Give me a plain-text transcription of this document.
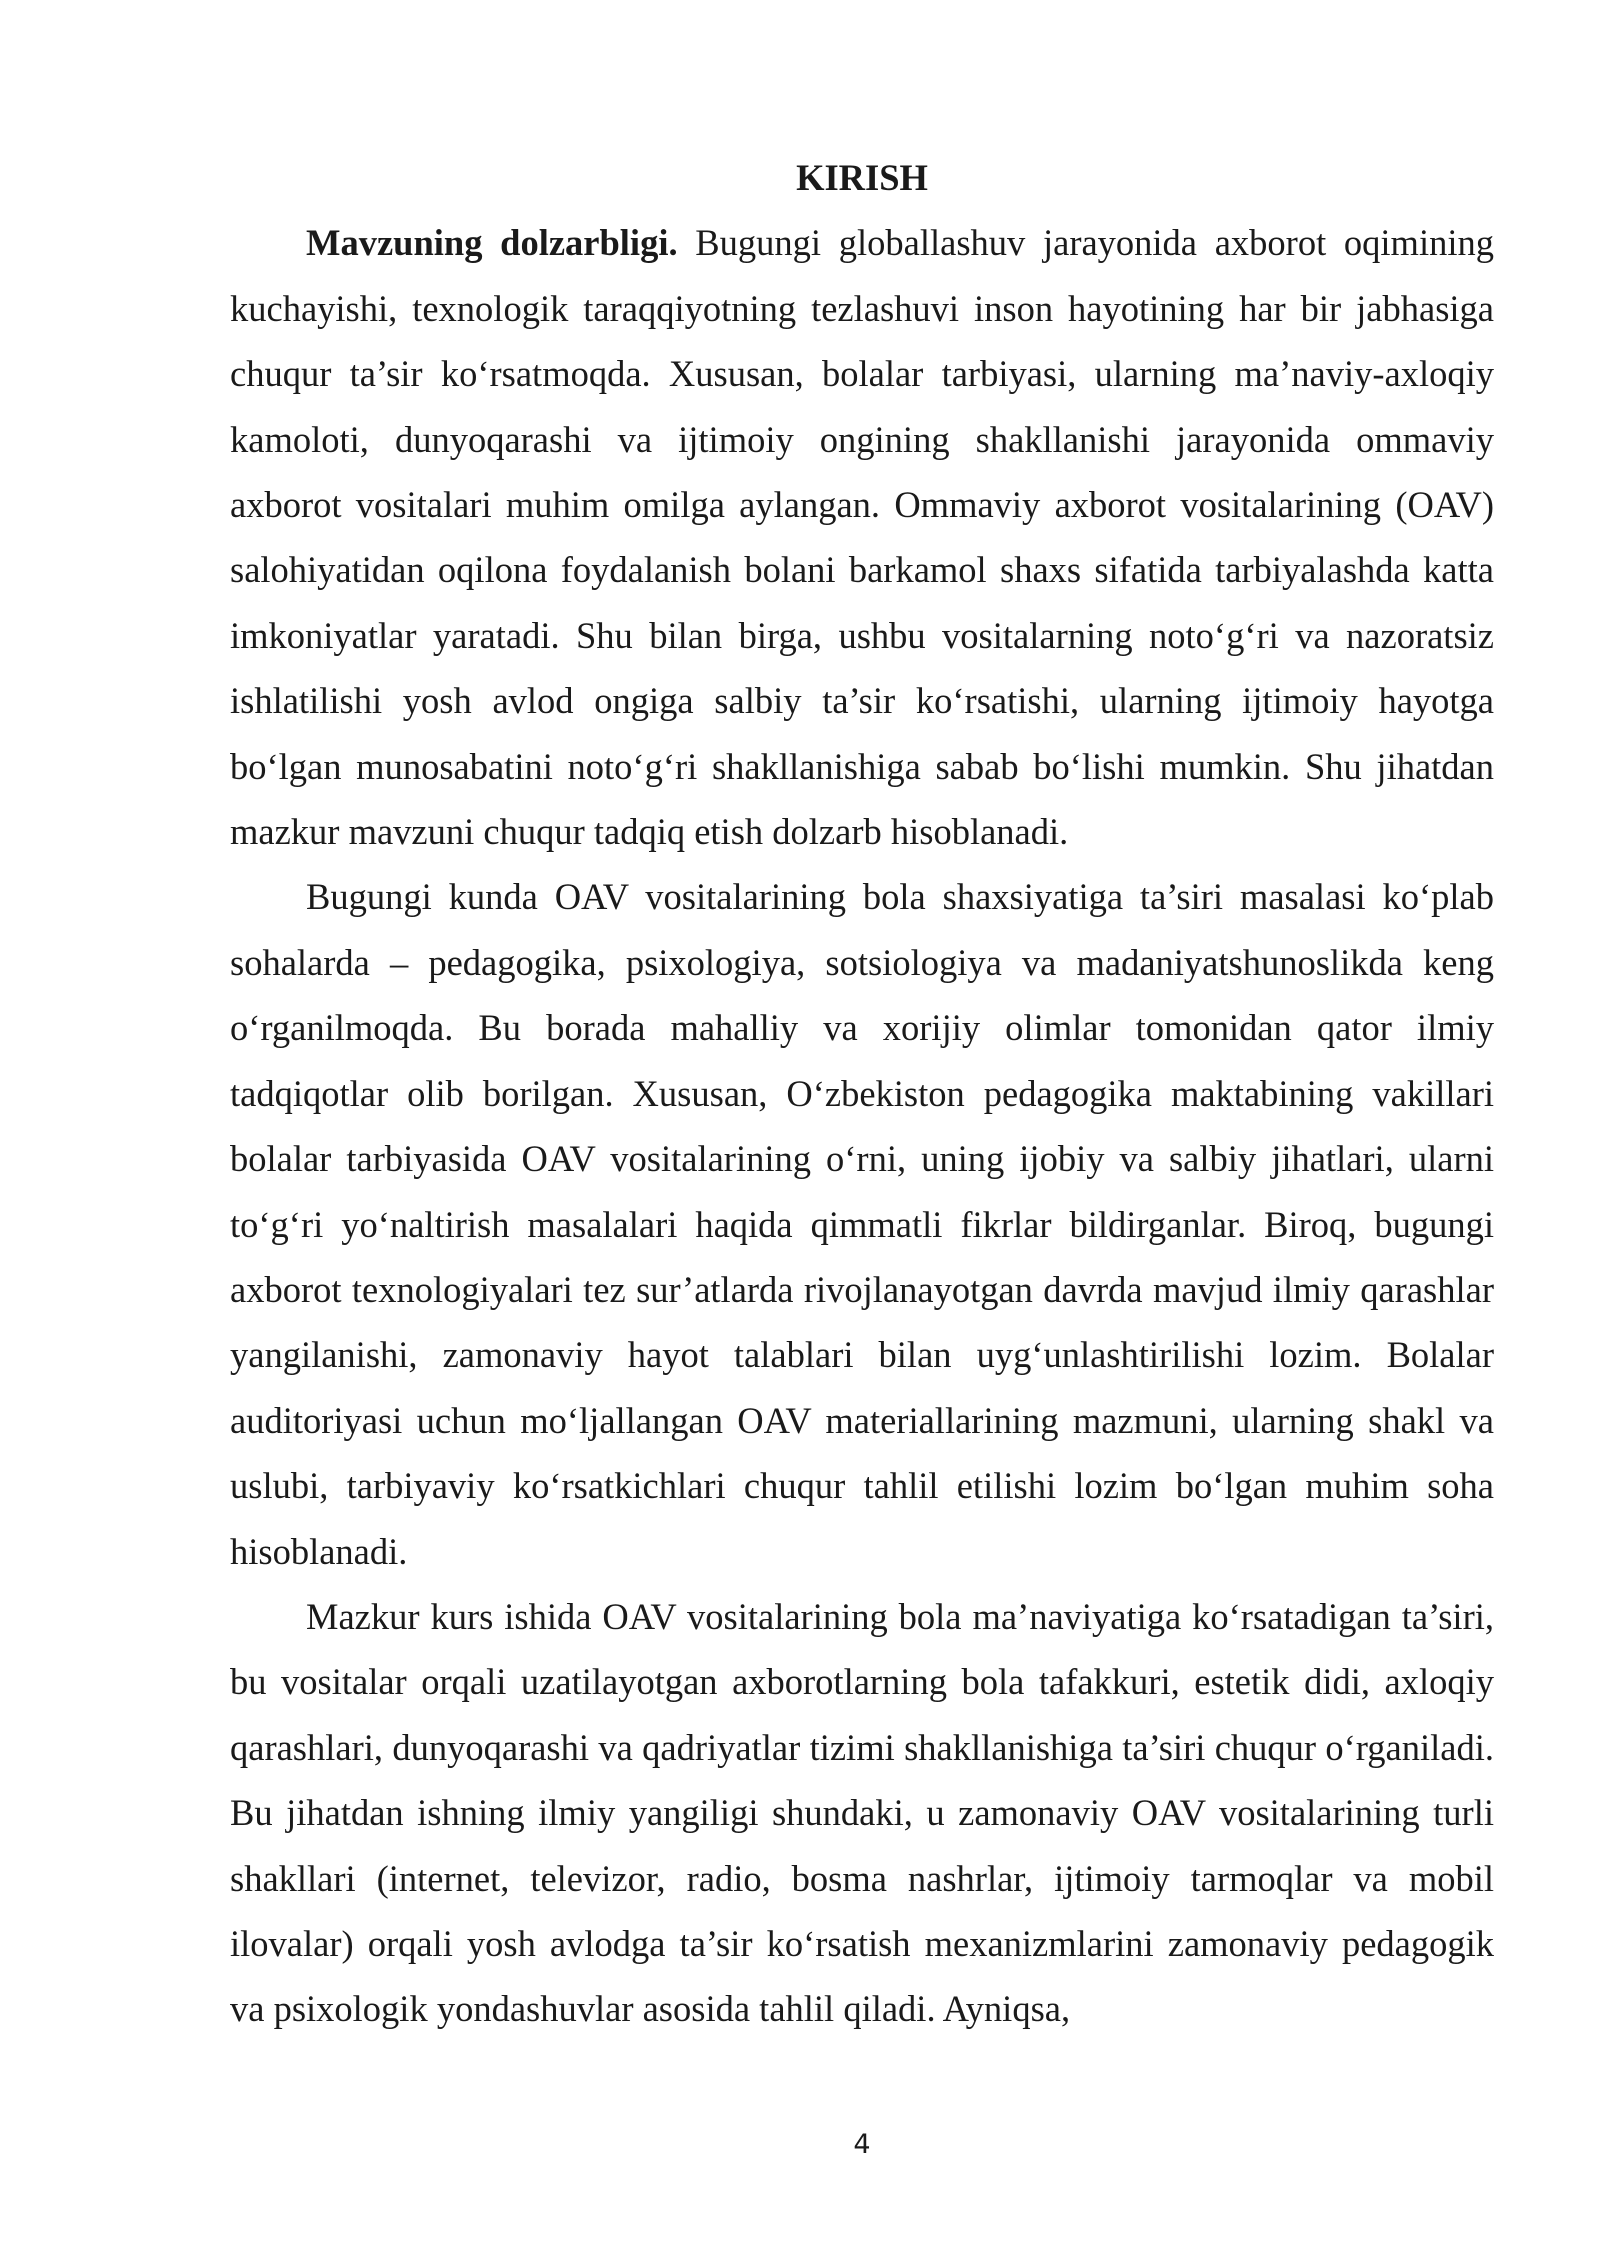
KIRISH

Mavzuning dolzarbligi. Bugungi globallashuv jarayonida axborot oqimining kuchayishi, texnologik taraqqiyotning tezlashuvi inson hayotining har bir jabhasiga chuqur ta’sir ko‘rsatmoqda. Xususan, bolalar tarbiyasi, ularning ma’naviy-axloqiy kamoloti, dunyoqarashi va ijtimoiy ongining shakllanishi jarayonida ommaviy axborot vositalari muhim omilga aylangan. Ommaviy axborot vositalarining (OAV) salohiyatidan oqilona foydalanish bolani barkamol shaxs sifatida tarbiyalashda katta imkoniyatlar yaratadi. Shu bilan birga, ushbu vositalarning noto‘g‘ri va nazoratsiz ishlatilishi yosh avlod ongiga salbiy ta’sir ko‘rsatishi, ularning ijtimoiy hayotga bo‘lgan munosabatini noto‘g‘ri shakllanishiga sabab bo‘lishi mumkin. Shu jihatdan mazkur mavzuni chuqur tadqiq etish dolzarb hisoblanadi.

Bugungi kunda OAV vositalarining bola shaxsiyatiga ta’siri masalasi ko‘plab sohalarda – pedagogika, psixologiya, sotsiologiya va madaniyatshunoslikda keng o‘rganilmoqda. Bu borada mahalliy va xorijiy olimlar tomonidan qator ilmiy tadqiqotlar olib borilgan. Xususan, O‘zbekiston pedagogika maktabining vakillari bolalar tarbiyasida OAV vositalarining o‘rni, uning ijobiy va salbiy jihatlari, ularni to‘g‘ri yo‘naltirish masalalari haqida qimmatli fikrlar bildirganlar. Biroq, bugungi axborot texnologiyalari tez sur’atlarda rivojlanayotgan davrda mavjud ilmiy qarashlar yangilanishi, zamonaviy hayot talablari bilan uyg‘unlashtirilishi lozim. Bolalar auditoriyasi uchun mo‘ljallangan OAV materiallarining mazmuni, ularning shakl va uslubi, tarbiyaviy ko‘rsatkichlari chuqur tahlil etilishi lozim bo‘lgan muhim soha hisoblanadi.

Mazkur kurs ishida OAV vositalarining bola ma’naviyatiga ko‘rsatadigan ta’siri, bu vositalar orqali uzatilayotgan axborotlarning bola tafakkuri, estetik didi, axloqiy qarashlari, dunyoqarashi va qadriyatlar tizimi shakllanishiga ta’siri chuqur o‘rganiladi. Bu jihatdan ishning ilmiy yangiligi shundaki, u zamonaviy OAV vositalarining turli shakllari (internet, televizor, radio, bosma nashrlar, ijtimoiy tarmoqlar va mobil ilovalar) orqali yosh avlodga ta’sir ko‘rsatish mexanizmlarini zamonaviy pedagogik va psixologik yondashuvlar asosida tahlil qiladi. Ayniqsa,

4
